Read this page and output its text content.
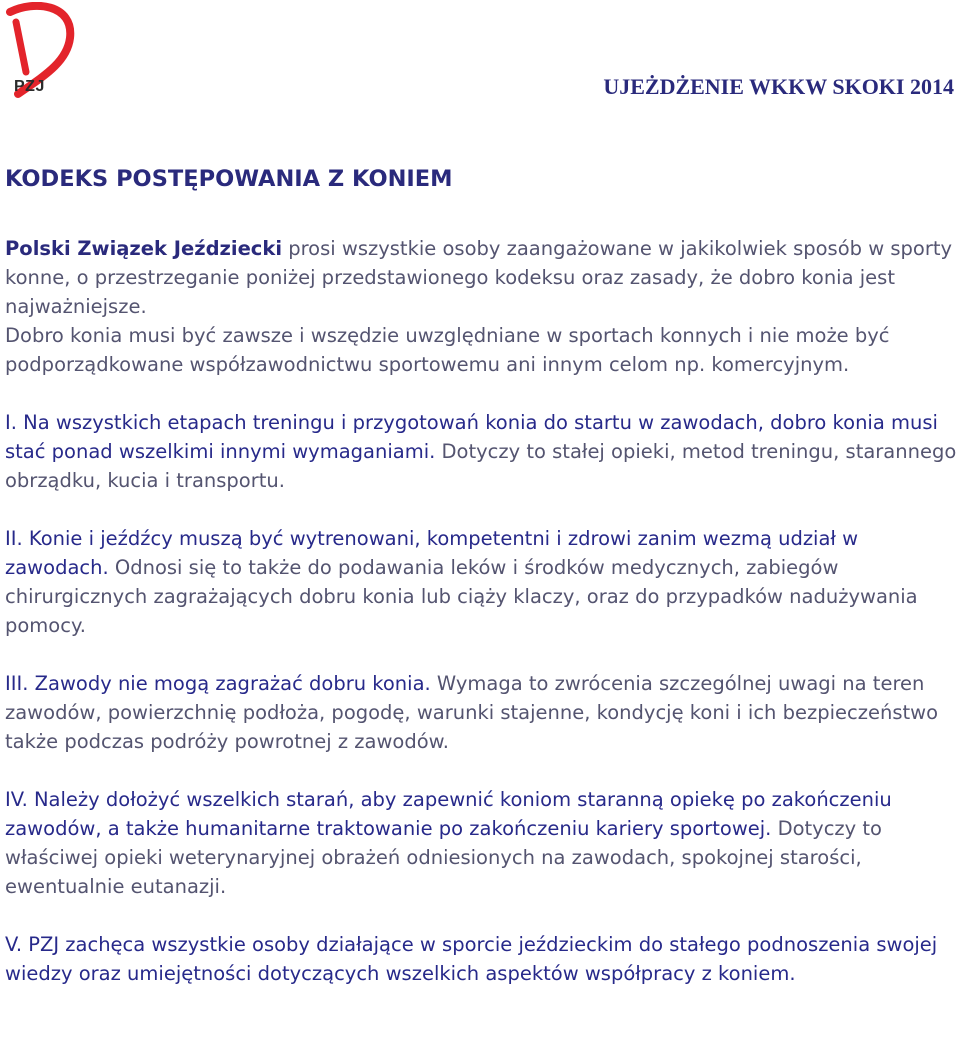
PZJ	UJEŻDŻENIE WKKW SKOKI 2014
KODEKS POSTĘPOWANIA Z KONIEM

Polski Związek Jeździecki prosi wszystkie osoby zaangażowane w jakikolwiek sposób w sporty konne, o przestrzeganie poniżej przedstawionego kodeksu oraz zasady, że dobro konia jest najważniejsze.
Dobro konia musi być zawsze i wszędzie uwzględniane w sportach konnych i nie może być podporządkowane współzawodnictwu sportowemu ani innym celom np. komercyjnym.

I. Na wszystkich etapach treningu i przygotowań konia do startu w zawodach, dobro konia musi stać ponad wszelkimi innymi wymaganiami. Dotyczy to stałej opieki, metod treningu, starannego obrządku, kucia i transportu.

II. Konie i jeźdźcy muszą być wytrenowani, kompetentni i zdrowi zanim wezmą udział w zawodach. Odnosi się to także do podawania leków i środków medycznych, zabiegów chirurgicznych zagrażających dobru konia lub ciąży klaczy, oraz do przypadków nadużywania pomocy.

III. Zawody nie mogą zagrażać dobru konia. Wymaga to zwrócenia szczególnej uwagi na teren zawodów, powierzchnię podłoża, pogodę, warunki stajenne, kondycję koni i ich bezpieczeństwo także podczas podróży powrotnej z zawodów.

IV. Należy dołożyć wszelkich starań, aby zapewnić koniom staranną opiekę po zakończeniu zawodów, a także humanitarne traktowanie po zakończeniu kariery sportowej. Dotyczy to właściwej opieki weterynaryjnej obrażeń odniesionych na zawodach, spokojnej starości, ewentualnie eutanazji.

V. PZJ zachęca wszystkie osoby działające w sporcie jeździeckim do stałego podnoszenia swojej wiedzy oraz umiejętności dotyczących wszelkich aspektów współpracy z koniem.
